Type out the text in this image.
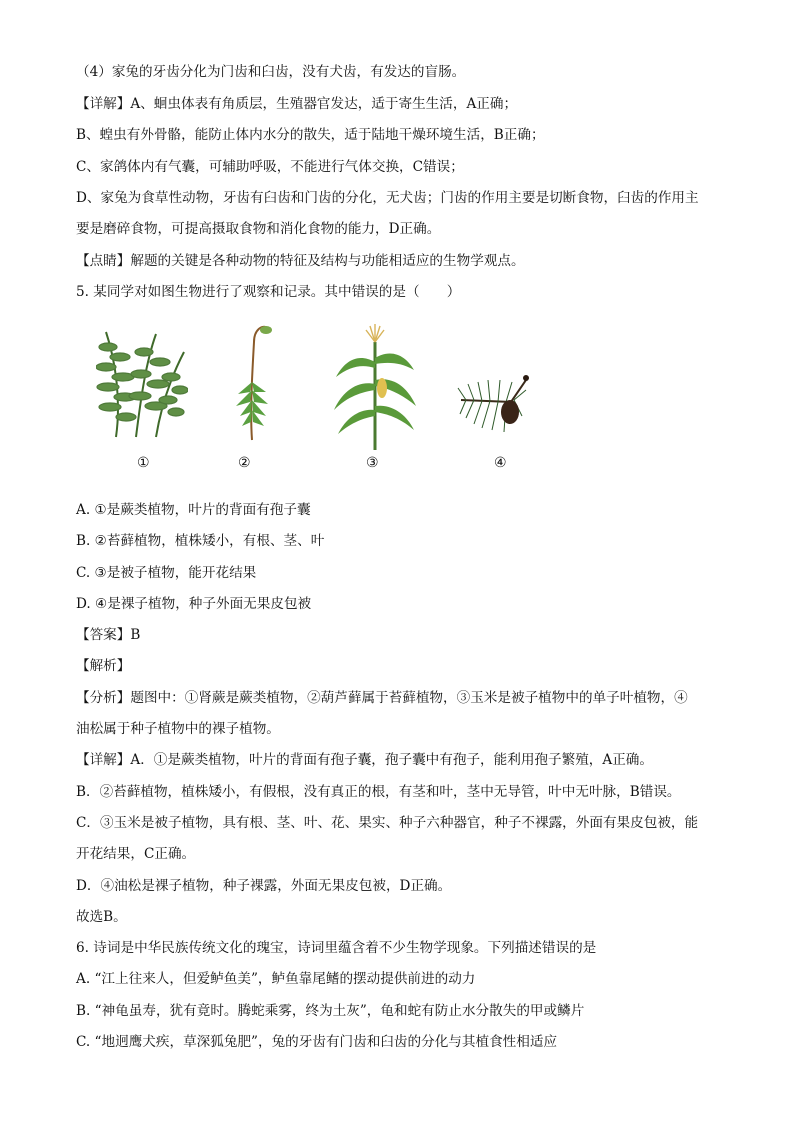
（4）家兔的牙齿分化为门齿和臼齿，没有犬齿，有发达的盲肠。
【详解】A、蛔虫体表有角质层，生殖器官发达，适于寄生生活，A正确；
B、蝗虫有外骨骼，能防止体内水分的散失，适于陆地干燥环境生活，B正确；
C、家鸽体内有气囊，可辅助呼吸，不能进行气体交换，C错误；
D、家兔为食草性动物，牙齿有臼齿和门齿的分化，无犬齿；门齿的作用主要是切断食物，臼齿的作用主
要是磨碎食物，可提高摄取食物和消化食物的能力，D正确。
【点睛】解题的关键是各种动物的特征及结构与功能相适应的生物学观点。
5. 某同学对如图生物进行了观察和记录。其中错误的是（　　）
①	②	③	④
A. ①是蕨类植物，叶片的背面有孢子囊
B. ②苔藓植物，植株矮小，有根、茎、叶
C. ③是被子植物，能开花结果
D. ④是裸子植物，种子外面无果皮包被
【答案】B
【解析】
【分析】题图中：①肾蕨是蕨类植物，②葫芦藓属于苔藓植物，③玉米是被子植物中的单子叶植物，④
油松属于种子植物中的裸子植物。
【详解】A．①是蕨类植物，叶片的背面有孢子囊，孢子囊中有孢子，能利用孢子繁殖，A正确。
B．②苔藓植物，植株矮小，有假根，没有真正的根，有茎和叶，茎中无导管，叶中无叶脉，B错误。
C．③玉米是被子植物，具有根、茎、叶、花、果实、种子六种器官，种子不裸露，外面有果皮包被，能
开花结果，C正确。
D．④油松是裸子植物，种子裸露，外面无果皮包被，D正确。
故选B。
6. 诗词是中华民族传统文化的瑰宝，诗词里蕴含着不少生物学现象。下列描述错误的是
A. “江上往来人，但爱鲈鱼美”，鲈鱼靠尾鳍的摆动提供前进的动力
B. “神龟虽寿，犹有竟时。腾蛇乘雾，终为土灰”，龟和蛇有防止水分散失的甲或鳞片
C. “地迥鹰犬疾，草深狐兔肥”，兔的牙齿有门齿和臼齿的分化与其植食性相适应
